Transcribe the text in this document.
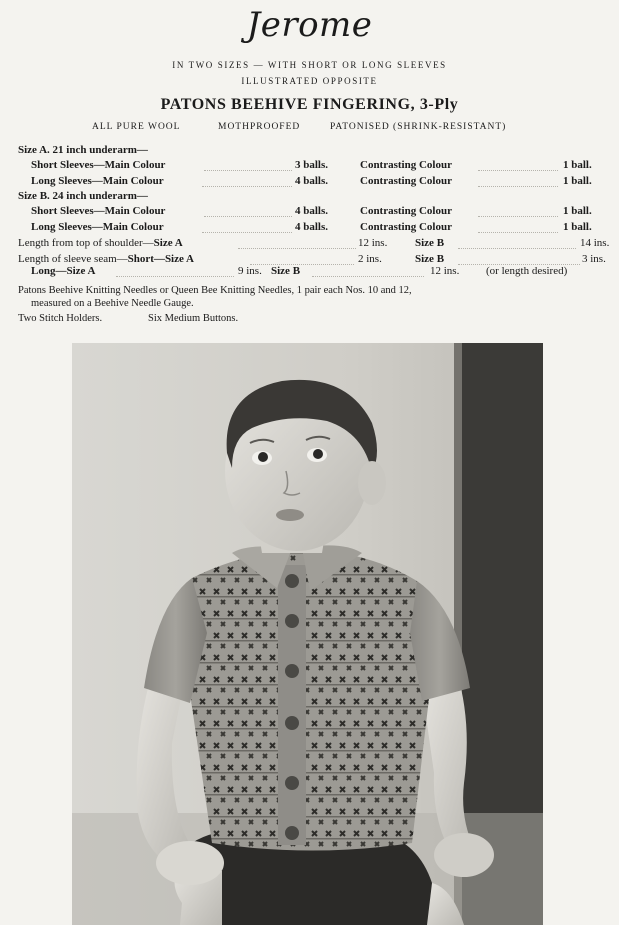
Jerome
IN TWO SIZES — WITH SHORT OR LONG SLEEVES
ILLUSTRATED OPPOSITE
PATONS BEEHIVE FINGERING, 3-Ply
ALL PURE WOOL	MOTHPROOFED	PATONISED (SHRINK-RESISTANT)
Size A. 21 inch underarm—
Short Sleeves—Main Colour	3 balls.	Contrasting Colour	1 ball.
Long Sleeves—Main Colour	4 balls.	Contrasting Colour	1 ball.
Size B. 24 inch underarm—
Short Sleeves—Main Colour	4 balls.	Contrasting Colour	1 ball.
Long Sleeves—Main Colour	4 balls.	Contrasting Colour	1 ball.
Length from top of shoulder—Size A	12 ins.	Size B	14 ins.
Length of sleeve seam—Short—Size A	2 ins.	Size B	3 ins.
Long—Size A	9 ins. Size B	12 ins. (or length desired)
Patons Beehive Knitting Needles or Queen Bee Knitting Needles, 1 pair each Nos. 10 and 12,
measured on a Beehive Needle Gauge.
Two Stitch Holders.	Six Medium Buttons.
